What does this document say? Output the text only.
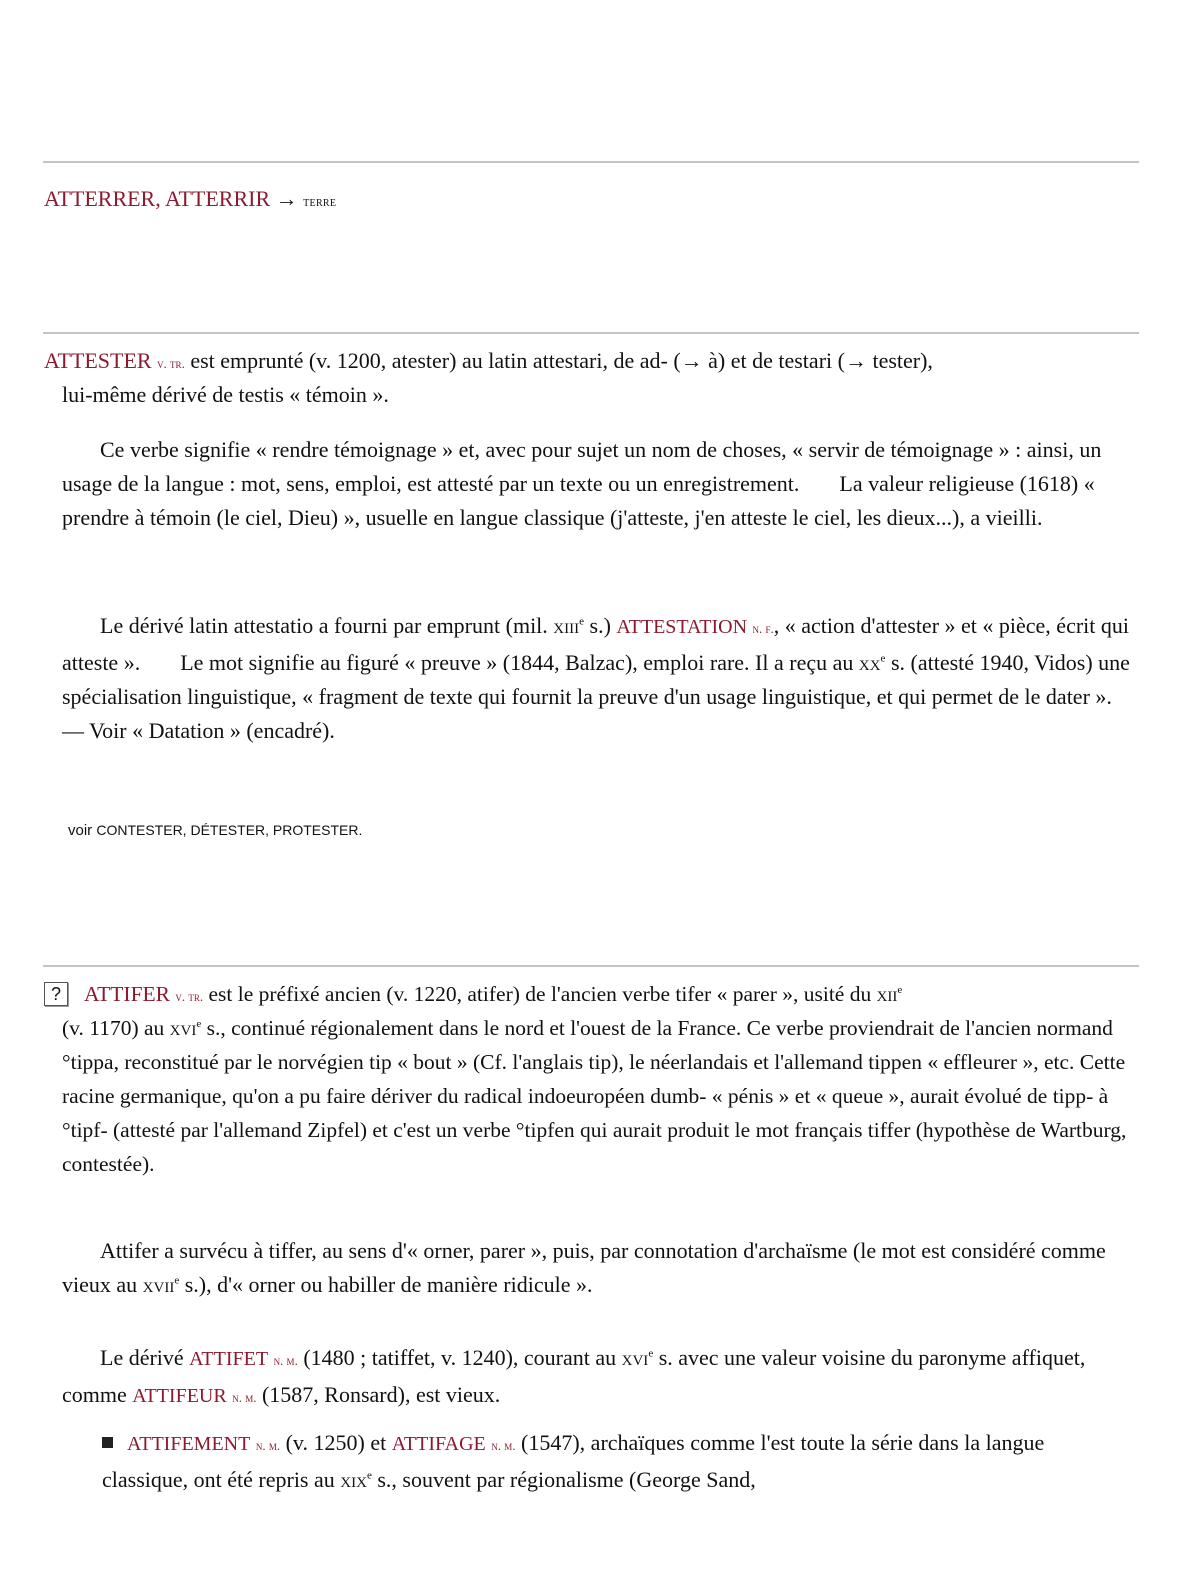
ATTERRER, ATTERRIR → terre
ATTESTER v. tr. est emprunté (v. 1200, atester) au latin attestari, de ad- (→ à) et de testari (→ tester),
lui-même dérivé de testis « témoin ».
Ce verbe signifie « rendre témoignage » et, avec pour sujet un nom de choses, « servir de témoignage » : ainsi, un usage de la langue : mot, sens, emploi, est attesté par un texte ou un enregistrement. La valeur religieuse (1618) « prendre à témoin (le ciel, Dieu) », usuelle en langue classique (j'atteste, j'en atteste le ciel, les dieux...), a vieilli.
Le dérivé latin attestatio a fourni par emprunt (mil. xiii$^e$ s.) ATTESTATION n. f., « action d'attester » et « pièce, écrit qui atteste ». Le mot signifie au figuré « preuve » (1844, Balzac), emploi rare. Il a reçu au $xx^e$ s. (attesté 1940, Vidos) une spécialisation linguistique, « fragment de texte qui fournit la preuve d'un usage linguistique, et qui permet de le dater ». — Voir « Datation » (encadré).
voir CONTESTER, DÉTESTER, PROTESTER.
? ATTIFER v. tr. est le préfixé ancien (v. 1220, atifer) de l'ancien verbe tifer « parer », usité du xii$^e$
(v. 1170) au xvi$^e$ s., continué régionalement dans le nord et l'ouest de la France. Ce verbe proviendrait de l'ancien normand °tippa, reconstitué par le norvégien tip « bout » (Cf. l'anglais tip), le néerlandais et l'allemand tippen « effleurer », etc. Cette racine germanique, qu'on a pu faire dériver du radical indoeuropéen dumb- « pénis » et « queue », aurait évolué de tipp- à °tipf- (attesté par l'allemand Zipfel) et c'est un verbe °tipfen qui aurait produit le mot français tiffer (hypothèse de Wartburg, contestée).
Attifer a survécu à tiffer, au sens d'« orner, parer », puis, par connotation d'archaïsme (le mot est considéré comme vieux au xvii$^e$ s.), d'« orner ou habiller de manière ridicule ».
Le dérivé ATTIFET n. m. (1480 ; tatiffet, v. 1240), courant au xvi$^e$ s. avec une valeur voisine du paronyme affiquet, comme ATTIFEUR n. m. (1587, Ronsard), est vieux.
ATTIFEMENT n. m. (v. 1250) et ATTIFAGE n. m. (1547), archaïques comme l'est toute la série dans la langue classique, ont été repris au xix$^e$ s., souvent par régionalisme (George Sand,
